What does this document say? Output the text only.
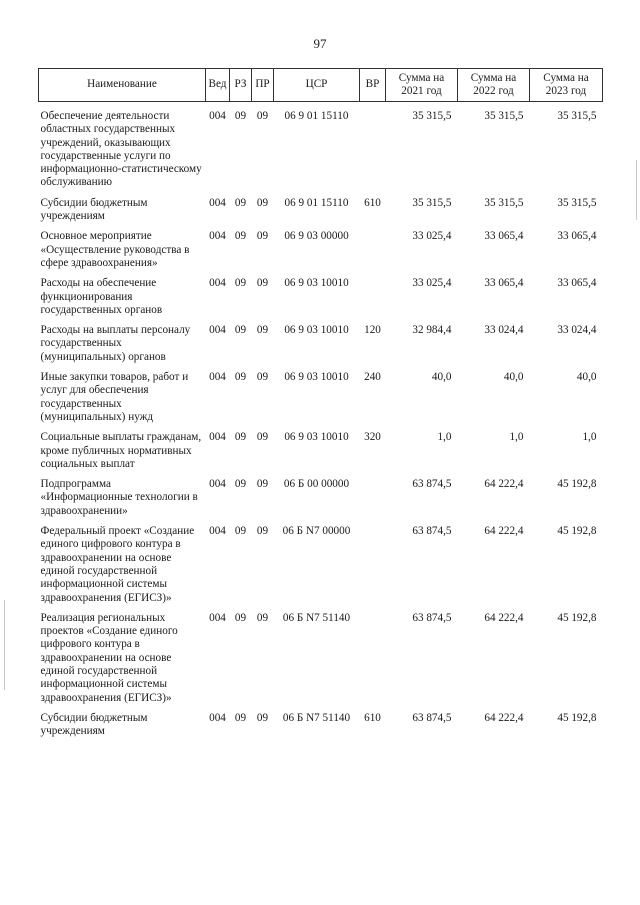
97
Наименование	Вед	РЗ	ПР	ЦСР	ВР	Сумма на 2021 год	Сумма на 2022 год	Сумма на 2023 год
Обеспечение деятельности областных государственных учреждений, оказывающих государственные услуги по информационно-статистическому обслуживанию	004	09	09	06 9 01 15110		35 315,5	35 315,5	35 315,5
Субсидии бюджетным учреждениям	004	09	09	06 9 01 15110	610	35 315,5	35 315,5	35 315,5
Основное мероприятие «Осуществление руководства в сфере здравоохранения»	004	09	09	06 9 03 00000		33 025,4	33 065,4	33 065,4
Расходы на обеспечение функционирования государственных органов	004	09	09	06 9 03 10010		33 025,4	33 065,4	33 065,4
Расходы на выплаты персоналу государственных (муниципальных) органов	004	09	09	06 9 03 10010	120	32 984,4	33 024,4	33 024,4
Иные закупки товаров, работ и услуг для обеспечения государственных (муниципальных) нужд	004	09	09	06 9 03 10010	240	40,0	40,0	40,0
Социальные выплаты гражданам, кроме публичных нормативных социальных выплат	004	09	09	06 9 03 10010	320	1,0	1,0	1,0
Подпрограмма «Информационные технологии в здравоохранении»	004	09	09	06 Б 00 00000		63 874,5	64 222,4	45 192,8
Федеральный проект «Создание единого цифрового контура в здравоохранении на основе единой государственной информационной системы здравоохранения (ЕГИСЗ)»	004	09	09	06 Б N7 00000		63 874,5	64 222,4	45 192,8
Реализация региональных проектов «Создание единого цифрового контура в здравоохранении на основе единой государственной информационной системы здравоохранения (ЕГИСЗ)»	004	09	09	06 Б N7 51140		63 874,5	64 222,4	45 192,8
Субсидии бюджетным учреждениям	004	09	09	06 Б N7 51140	610	63 874,5	64 222,4	45 192,8
